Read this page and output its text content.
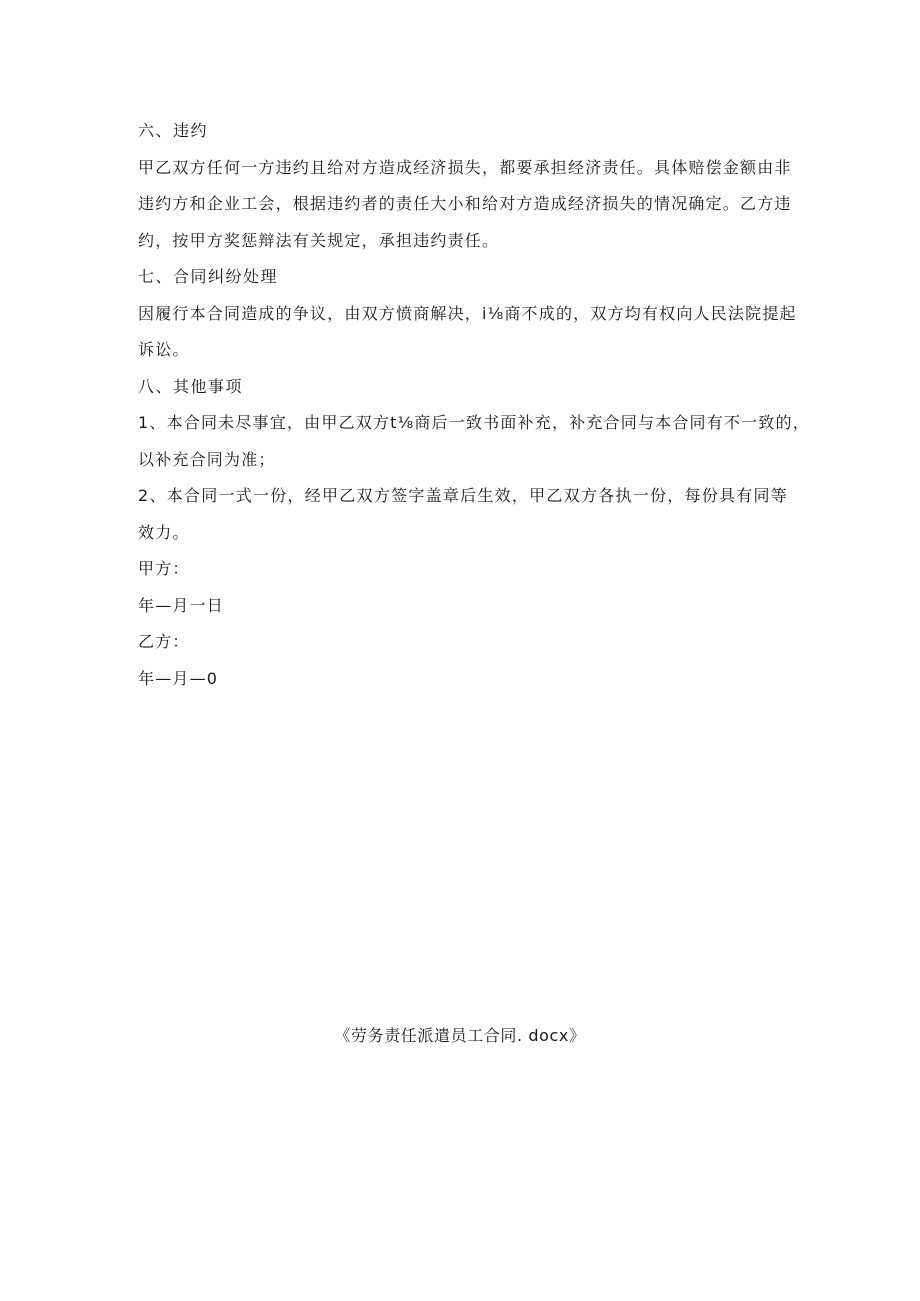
六、违约
甲乙双方任何一方违约且给对方造成经济损失，都要承担经济责任。具体赔偿金额由非
违约方和企业工会，根据违约者的责任大小和给对方造成经济损失的情况确定。乙方违
约，按甲方奖惩辩法有关规定，承担违约责任。
七、合同纠纷处理
因履行本合同造成的争议，由双方愤商解决，i⅛商不成的，双方均有权向人民法院提起
诉讼。
八、其他事项
1、本合同未尽事宜，由甲乙双方t⅛商后一致书面补充，补充合同与本合同有不一致的，
以补充合同为准；
2、本合同一式一份，经甲乙双方签字盖章后生效，甲乙双方各执一份，每份具有同等
效力。
甲方：
年—月一日
乙方：
年—月—0
《劳务责任派遣员工合同. docx》
